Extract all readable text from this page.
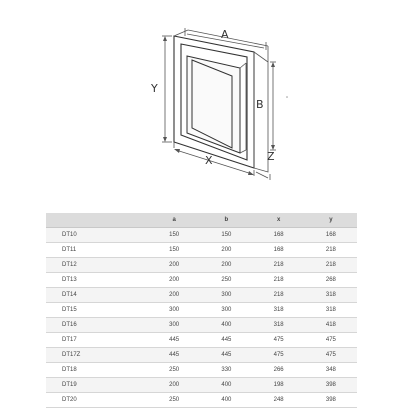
Y
A
B
X	Z
	a	b	x	y
DT10	150	150	168	168
DT11	150	200	168	218
DT12	200	200	218	218
DT13	200	250	218	268
DT14	200	300	218	318
DT15	300	300	318	318
DT16	300	400	318	418
DT17	445	445	475	475
DT17Z	445	445	475	475
DT18	250	330	266	348
DT19	200	400	198	398
DT20	250	400	248	398
